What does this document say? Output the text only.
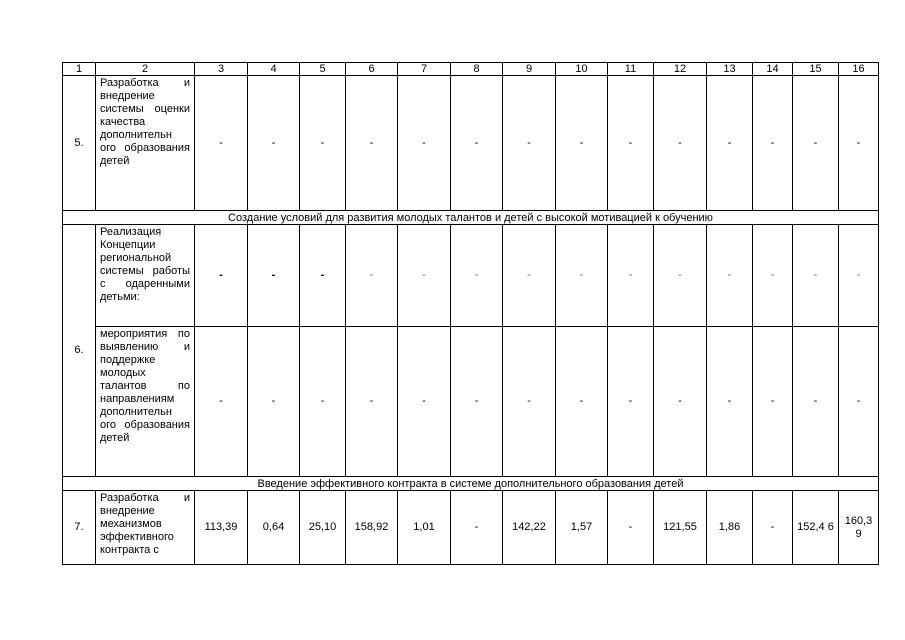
1	2	3	4	5	6	7	8	9	10	11	12	13	14	15	16
5.	Разработка и внедрение системы оценки качества дополнительн ого образования детей	-	-	-	-	-	-	-	-	-	-	-	-	-	-
Создание условий для развития молодых талантов и детей с высокой мотивацией к обучению															
6.	Реализация Концепции региональной системы работы с одаренными детьми:	-	-	-	-	-	-	-	-	-	-	-	-	-	-
	мероприятия по выявлению и поддержке молодых талантов по направлениям дополнительн ого образования детей	-	-	-	-	-	-	-	-	-	-	-	-	-	-
Введение эффективного контракта в системе дополнительного образования детей															
7.	Разработка и внедрение механизмов эффективного контракта с	113,39	0,64	25,10	158,92	1,01	-	142,22	1,57	-	121,55	1,86	-	152,4 6	160,3 9
